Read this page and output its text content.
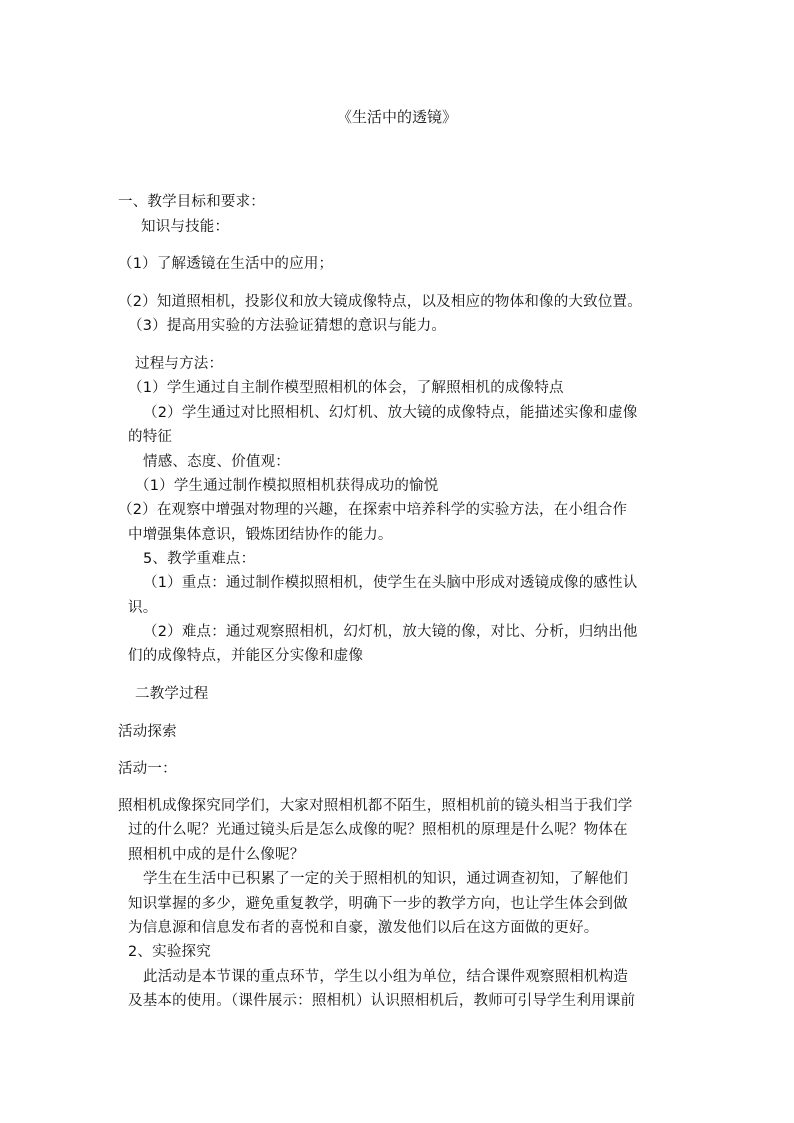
《生活中的透镜》
一、教学目标和要求：
知识与技能：
（1）了解透镜在生活中的应用；
（2）知道照相机，投影仪和放大镜成像特点，以及相应的物体和像的大致位置。
（3）提高用实验的方法验证猜想的意识与能力。
过程与方法：
（1）学生通过自主制作模型照相机的体会，了解照相机的成像特点
（2）学生通过对比照相机、幻灯机、放大镜的成像特点，能描述实像和虚像
的特征
情感、态度、价值观：
（1）学生通过制作模拟照相机获得成功的愉悦
（2）在观察中增强对物理的兴趣，在探索中培养科学的实验方法，在小组合作
中增强集体意识，锻炼团结协作的能力。
5、教学重难点：
（1）重点：通过制作模拟照相机，使学生在头脑中形成对透镜成像的感性认
识。
（2）难点：通过观察照相机，幻灯机，放大镜的像，对比、分析，归纳出他
们的成像特点，并能区分实像和虚像
二教学过程
活动探索
活动一：
照相机成像探究同学们，大家对照相机都不陌生，照相机前的镜头相当于我们学
过的什么呢？光通过镜头后是怎么成像的呢？照相机的原理是什么呢？物体在
照相机中成的是什么像呢？
学生在生活中已积累了一定的关于照相机的知识，通过调查初知，了解他们
知识掌握的多少，避免重复教学，明确下一步的教学方向，也让学生体会到做
为信息源和信息发布者的喜悦和自豪，激发他们以后在这方面做的更好。
2、实验探究
此活动是本节课的重点环节，学生以小组为单位，结合课件观察照相机构造
及基本的使用。（课件展示：照相机）认识照相机后，教师可引导学生利用课前
